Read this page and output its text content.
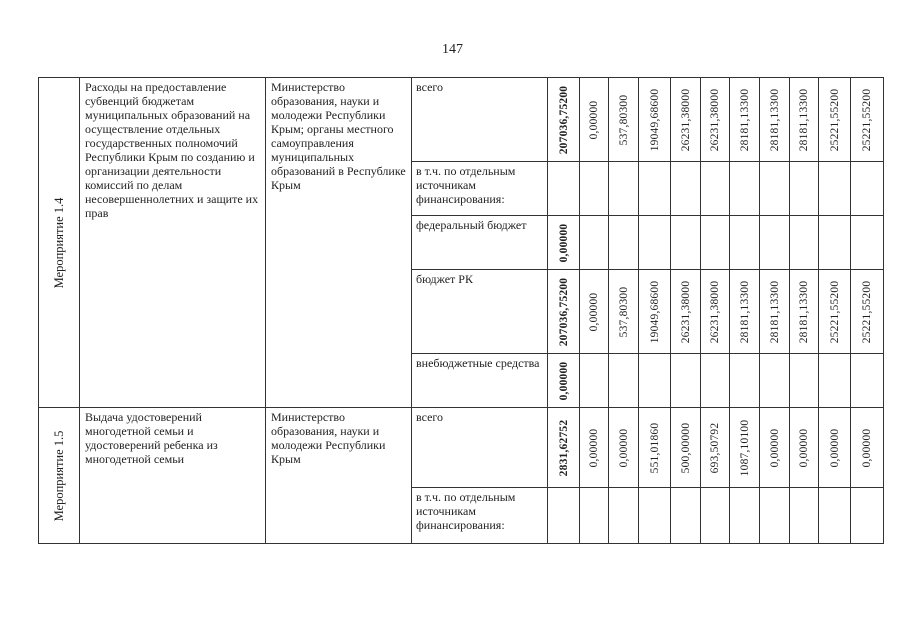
147
Мероприятие 1.4	Расходы на предоставление субвенций бюджетам муниципальных образований на осуществление отдельных государственных полномочий Республики Крым по созданию и организации деятельности комиссий по делам несовершеннолетних и защите их прав	Министерство образования, науки и молодежи Республики Крым; органы местного самоуправления муниципальных образований в Республике Крым	всего	207036,75200	0,00000	537,80300	19049,68600	26231,38000	26231,38000	28181,13300	28181,13300	28181,13300	25221,55200	25221,55200

			в т.ч. по отдельным источникам финансирования:											
			федеральный бюджет	0,00000										

			бюджет РК	207036,75200	0,00000	537,80300	19049,68600	26231,38000	26231,38000	28181,13300	28181,13300	28181,13300	25221,55200	25221,55200

			внебюджетные средства	0,00000										

Мероприятие 1.5	Выдача удостоверений многодетной семьи и удостоверений ребенка из многодетной семьи	Министерство образования, науки и молодежи Республики Крым	всего	2831,62752	0,00000	0,00000	551,01860	500,00000	693,50792	1087,10100	0,00000	0,00000	0,00000	0,00000

			в т.ч. по отдельным источникам финансирования:											
